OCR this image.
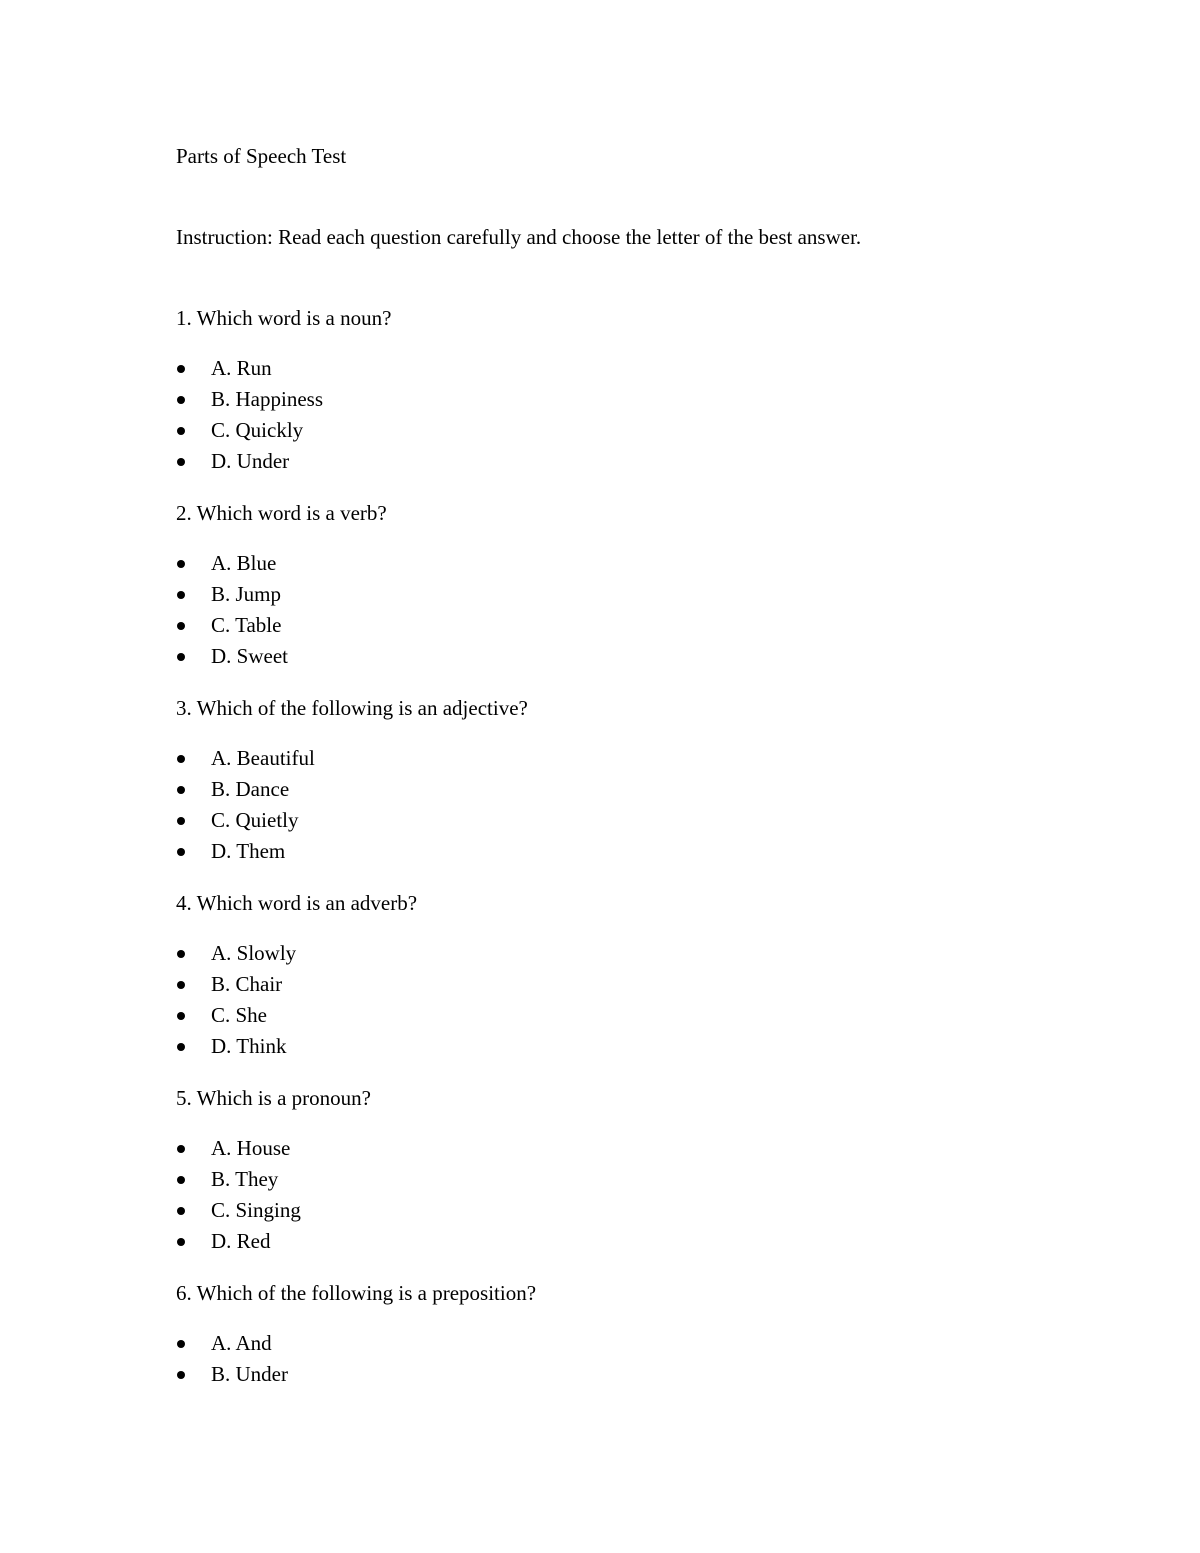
Parts of Speech Test
Instruction: Read each question carefully and choose the letter of the best answer.
1. Which word is a noun?
A. Run
B. Happiness
C. Quickly
D. Under
2. Which word is a verb?
A. Blue
B. Jump
C. Table
D. Sweet
3. Which of the following is an adjective?
A. Beautiful
B. Dance
C. Quietly
D. Them
4. Which word is an adverb?
A. Slowly
B. Chair
C. She
D. Think
5. Which is a pronoun?
A. House
B. They
C. Singing
D. Red
6. Which of the following is a preposition?
A. And
B. Under
